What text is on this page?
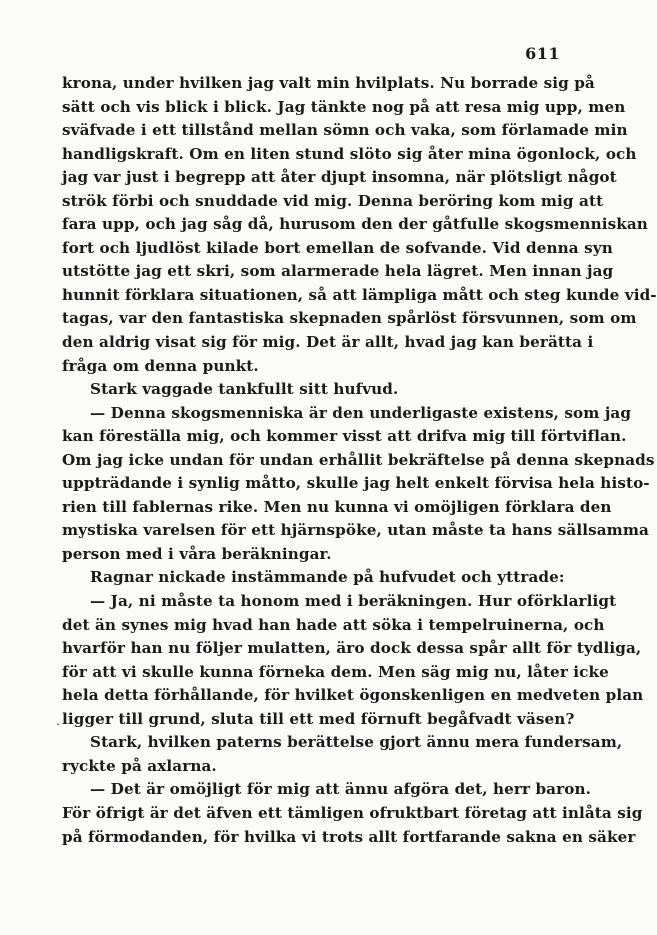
611
krona, under hvilken jag valt min hvilplats. Nu borrade sig på
sätt och vis blick i blick. Jag tänkte nog på att resa mig upp, men
sväfvade i ett tillstånd mellan sömn och vaka, som förlamade min
handligskraft. Om en liten stund slöto sig åter mina ögonlock, och
jag var just i begrepp att åter djupt insomna, när plötsligt något
strök förbi och snuddade vid mig. Denna beröring kom mig att
fara upp, och jag såg då, hurusom den der gåtfulle skogsmenniskan
fort och ljudlöst kilade bort emellan de sofvande. Vid denna syn
utstötte jag ett skri, som alarmerade hela lägret. Men innan jag
hunnit förklara situationen, så att lämpliga mått och steg kunde vid-
tagas, var den fantastiska skepnaden spårlöst försvunnen, som om
den aldrig visat sig för mig. Det är allt, hvad jag kan berätta i
fråga om denna punkt.
Stark vaggade tankfullt sitt hufvud.
— Denna skogsmenniska är den underligaste existens, som jag
kan föreställa mig, och kommer visst att drifva mig till förtviflan.
Om jag icke undan för undan erhållit bekräftelse på denna skepnads
uppträdande i synlig måtto, skulle jag helt enkelt förvisa hela histo-
rien till fablernas rike. Men nu kunna vi omöjligen förklara den
mystiska varelsen för ett hjärnspöke, utan måste ta hans sällsamma
person med i våra beräkningar.
Ragnar nickade instämmande på hufvudet och yttrade:
— Ja, ni måste ta honom med i beräkningen. Hur oförklarligt
det än synes mig hvad han hade att söka i tempelruinerna, och
hvarför han nu följer mulatten, äro dock dessa spår allt för tydliga,
för att vi skulle kunna förneka dem. Men säg mig nu, låter icke
hela detta förhållande, för hvilket ögonskenligen en medveten plan
ligger till grund, sluta till ett med förnuft begåfvadt väsen?
Stark, hvilken paterns berättelse gjort ännu mera fundersam,
ryckte på axlarna.
— Det är omöjligt för mig att ännu afgöra det, herr baron.
För öfrigt är det äfven ett tämligen ofruktbart företag att inlåta sig
på förmodanden, för hvilka vi trots allt fortfarande sakna en säker
.
